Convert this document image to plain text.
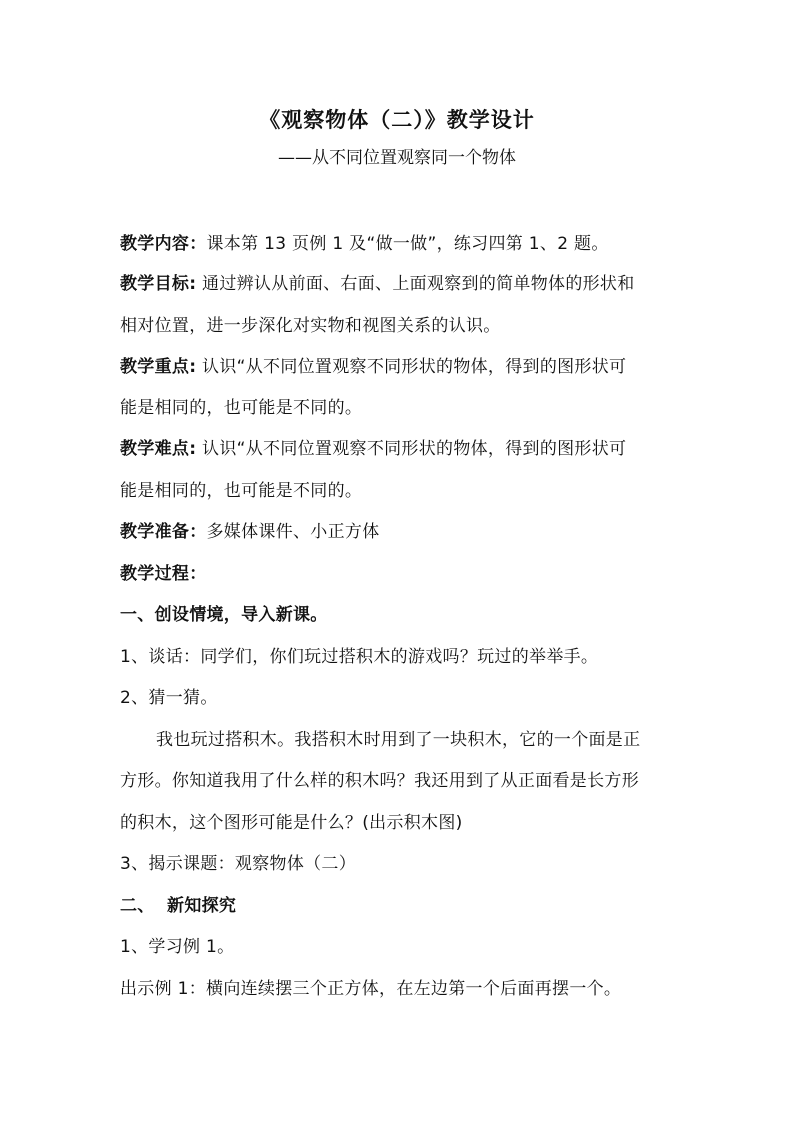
《观察物体（二）》教学设计
——从不同位置观察同一个物体
教学内容：课本第 13 页例 1 及“做一做”，练习四第 1、2 题。
教学目标: 通过辨认从前面、右面、上面观察到的简单物体的形状和
相对位置，进一步深化对实物和视图关系的认识。
教学重点: 认识“从不同位置观察不同形状的物体，得到的图形状可
能是相同的，也可能是不同的。
教学难点: 认识“从不同位置观察不同形状的物体，得到的图形状可
能是相同的，也可能是不同的。
教学准备：多媒体课件、小正方体
教学过程：
一、创设情境，导入新课。
1、谈话：同学们，你们玩过搭积木的游戏吗？玩过的举举手。
2、猜一猜。
我也玩过搭积木。我搭积木时用到了一块积木，它的一个面是正
方形。你知道我用了什么样的积木吗？我还用到了从正面看是长方形
的积木，这个图形可能是什么？(出示积木图)
3、揭示课题：观察物体（二）
二、  新知探究
1、学习例 1。
出示例 1：横向连续摆三个正方体，在左边第一个后面再摆一个。
